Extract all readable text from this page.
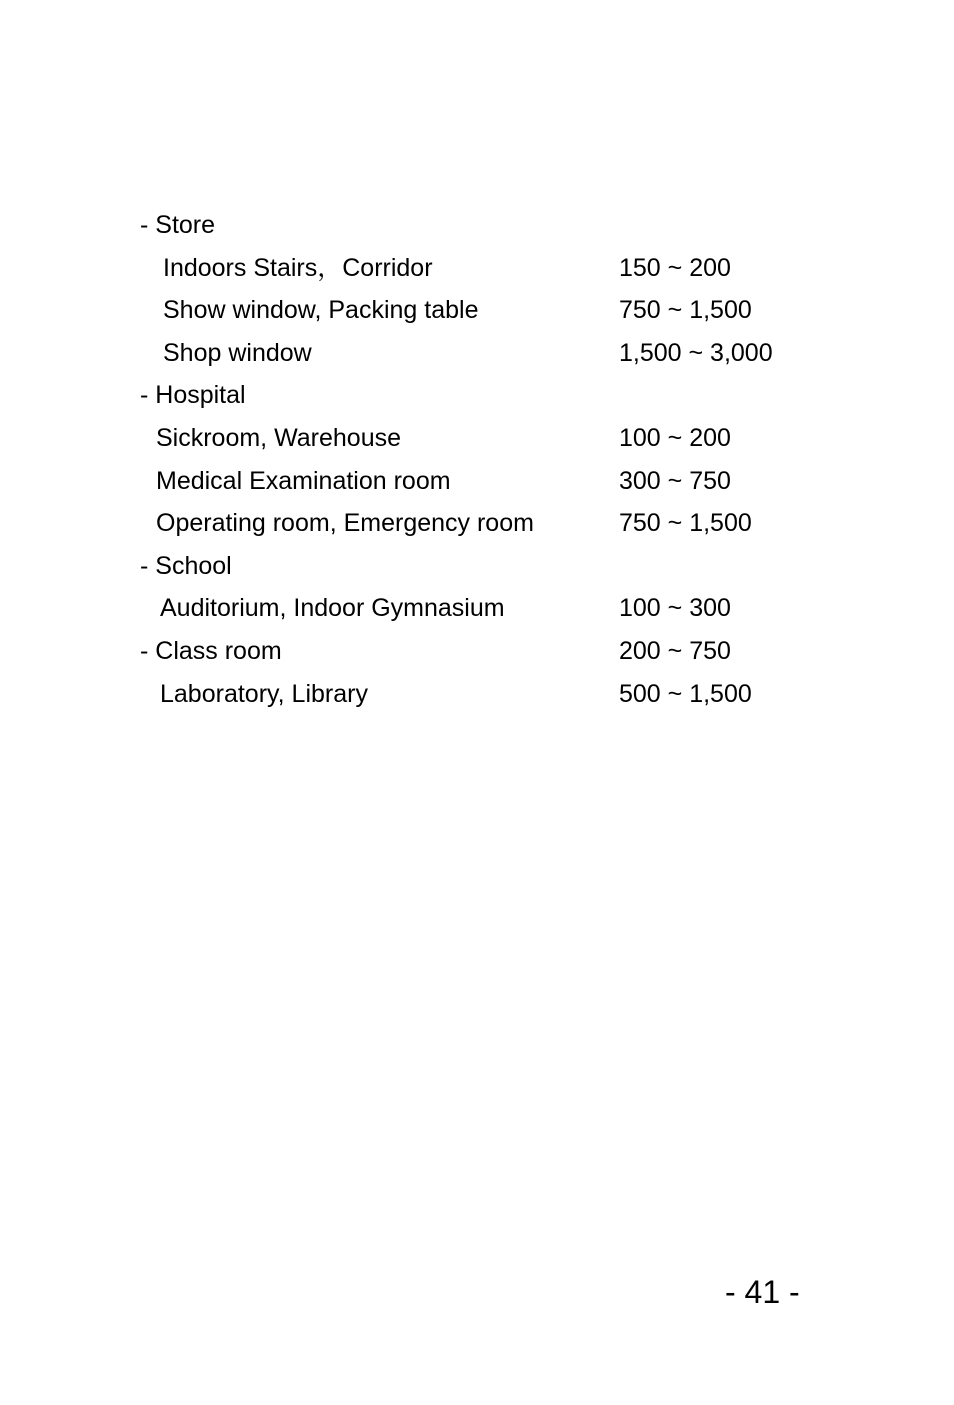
- Store
Indoors Stairs，Corridor	150 ~ 200
Show window, Packing table	750 ~ 1,500
Shop window	1,500 ~ 3,000
- Hospital
Sickroom, Warehouse	100 ~ 200
Medical Examination room	300 ~ 750
Operating room, Emergency room	750 ~ 1,500
- School
Auditorium, Indoor Gymnasium	100 ~ 300
- Class room	200 ~ 750
Laboratory, Library	500 ~ 1,500
- 41 -
